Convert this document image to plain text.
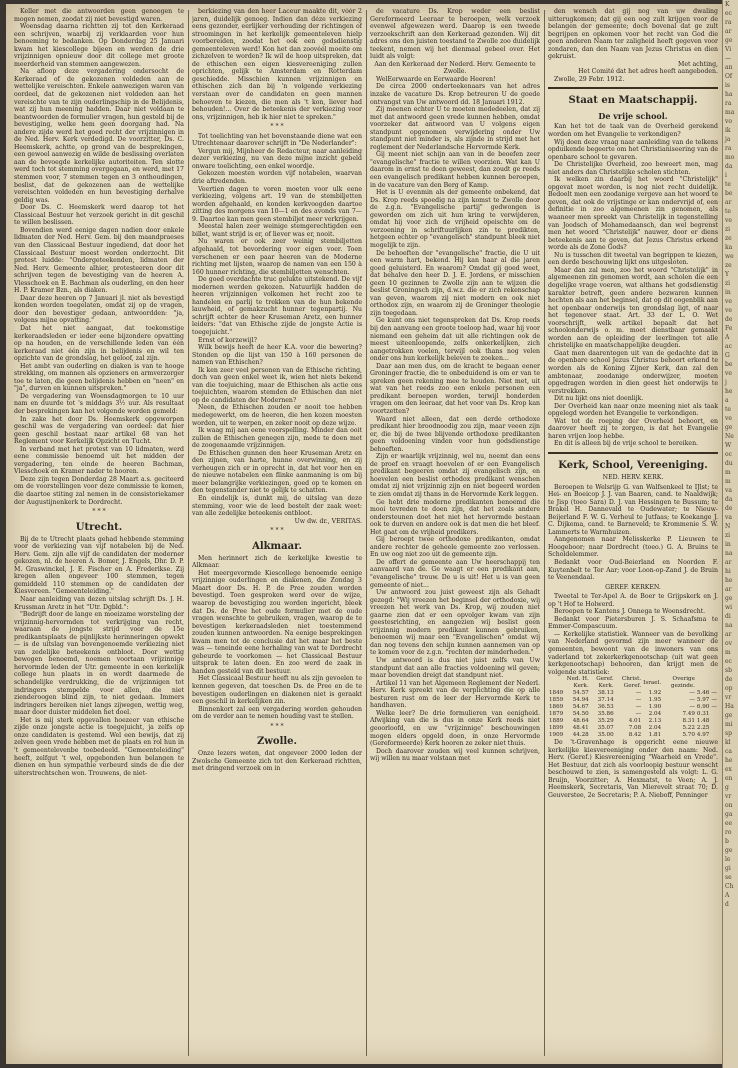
Keller met die antwoorden geen genoegen te mogen nemen, zoodat zij niet bevestigd waren.

Woensdag daarna richtten zij tot den Kerkeraad een schrijven, waarbij zij verklaarden voor hun benoeming te bedanken. Op Donderdag 25 Januari kwam het kiescollege bijeen en werden de drie vrijzinnigen opnieuw door dit college met groote meerderheid van stemmen aangewezen.

Na afloop deze vergadering ondersocht de Kerkeraad of de gekozenen voldeden aan de wettelijke vereischten. Enkele aanwezigen waren van oordeel, dat de gekozenen niet voldeden aan het vereischte van te zijn ouderlingschip in de Belijdenis, wat zij hun meening hadden. Daar niet voldaan te beantwoorden de formulier vragen, hun gesteld bij de bevestiging, welke hem geen doorgang had. Na andere zijde werd het goed recht der vrijzinnigen in de Ned. Herv. Kerk verdedigd. De voorzitter, Ds. C. Heemskerk, achtte, op grond van de besprekingen, een gewoel aanwezig en wilde de beslissing overlaten aan de bevoegde kerkelijke autoriteiten. Ten slotte werd toch tot stemming overgegaan, en werd, met 17 stemmen voor, 7 stemmen tegen en 3 onthoudingen, beslist, dat de gekozenen aan de wettelijke vereischten voldeden en hun bevestiging derhalve geldig was.

Door Ds. C. Heemskerk werd daarop tot het Classicaal Bestuur het verzoek gericht in dit geschil te willen beslissen.

Bovendien werd eenige dagen nadien door enkele lidmaten der Ned. Herv. Gem. bij den maandpraeses van den Classicaal Bestuur ingediend, dat door het Classicaal Bestuur moest worden onderzocht. Dit protest luidde: "Ondergeteekenden, lidmaten der Ned. Herv. Gemeente alhier, protesteeren door dit schrijven tegen de bevestiging van de heeren A. Vlesschoek en E. Bachman als ouderling, en den heer H. P. Kramer Bzn., als diaken.

Daar deze heeren op 7 Januari jl. niet als bevestigd konden worden toegelaten, omdat zij op de vragen, door den bevestiger gedaan, antwoordden: "ja, volgens mijne opvatting."

Dat het niet aangaat, dat toekomstige kerkeraadsleden er ieder eene bijzondere opvatting op na houden, en de verschillende leden van één kerkeraad niet één zijn in belijdenis en wil ten opzichte van de grondslag, het geloof, zal zijn.

Het ambt van ouderling en diaken is van te hooge strekking, om mannen als opzieners en armverzorger toe te laten, die geen belijdenis hebben en "neen" en "ja", durven en kunnen uitspreken."

De vergadering van Woensdagmorgen te 10 uur nam en duurde tot 's middags 3½ uur. Als resultaat der besprekingen kan het volgende worden gemeld:

In zake het door Ds. Heemskerk opgeworpen geschil was de vergadering van oordeel: dat hier geen geschil bestaat naar artikel 68 van het Reglement voor Kerkelijk Opzicht en Tucht.

In verband met het protest van 10 lidmaten, werd eene commissie benoemd uit het midden der vergadering, ten einde de heeren Bachman, Vlesschoek en Kramer nader te hooren.

Deze zijn tegen Donderdag 28 Maart a.s. geciteerd om de voorstellingen voor deze commissie te komen, die daartoe stiting zal nemen in de consistoriekamer der Augustijnenkerk te Dordrecht.

* * *

Utrecht.

Bij de te Utrecht plaats gehad hebbende stemming voor de verkiezing van vijf notabelen bij de Ned. Herv. Gem. zijn alle vijf de candidaten der moderner gekozen, nl. de heeren A. Bomer, J. Engels, Dhr. D. P. M. Graswinckel, J. E. Fischer en A. Frederikse. Zij kregen allen ongeveer 100 stemmen, tegen gemiddeld 110 stemmen op de candidaten der Kiesvereen. "Gemeenteleiding."

Naar aanleiding van dezen uitslag schrijft Ds. J. H. Krussman Aretz in het "Utr. Dgbld.":

"Bedrijft door de lange en moeizame worsteling der vrijzinnig-hervormden tot verkrijging van recht, waaraan de jongste strijd voor de 15e predikantsplaats de pijnlijkste herinneringen opwekt — is de uitslag van bovengenoemde verkiezing niet van zedelijke beteekenis ontbloot. Door wettig bewogen benoemd, noemen voortaan vrijzinnige hervormde leden der Utr. gemeente in een kerkelijk college hun plaats in en wordt daarmede de schandelijke verdrukking, die de vrijzinnigen tot indringers stempelde voor allen, die niet zienderoogen blind zijn, te niet gedaan. Immers indringers bereiken niet langs zijwegen, wettig weg, maar door duister middelen het doel.

Het is mij sterk opgevallen hoezeer van ethische zijde onze jongste actie is toegejuicht, ja zelfs op onze candidaten is gestemd. Wel een bewijs, dat zij zelven geen vrede hebben met de plaats en rol hun in 't gemeentelevenbe toebedeeld. "Gemeenteleiding" heeft, zelfgut 't wel, opgebonden hun belangen te dienen en hun sympathie verbeurd sinds de die der uiterstrechtschen won. Trouwens, de niet-

berkiezing van den heer Laceur maakte dit, vóór 2 jaren, duidelijk genoeg. Indien dan déze verkiezing eens gezonder, eerlijker verhouding der richtingen of stroomingen in het kerkelijk gemeenteleven hielp voorbereiden, zoodat het ook een godsdienstig gemeenteleven werd! Kon het dan zoovéél moeite om zichzelven te worden? Ik wil de hoop uitspreken, dat de ethischen een eigen kiesvereeniging zullen oprichten, gelijk te Amsterdam en Rotterdam geschiedde. Misschien kunnen vrijzinnigen en ethischen zich dan bij 'n volgende verkiezing verstaan over de candidaten en geen mannen behoeven te kiezen, die men als 't kon, liever had behouden!... Over de beteekenis der verkiezing voor ons, vrijzinnigen, heb ik hier niet te spreken."

* * *

Tot toelichting van het bovenstaande diene wat een Utrechtenaar daarover schrijft in "De Nederlander":

Vergun mij, Mijnheer de Redacteur, naar aanleiding dezer verkiezing, nu van deze mijne inzicht gebeld onware toelichting, een enkel woordje.

Gekozen moesten worden vijf notabelen, waarvan drie aftredenden.

Veertien dagen te voren moeten voor ulk eene verkiezing, volgens art. 19 van de stembiljetten worden afgehaald, en konden kerkvoogden daartoe zitting des morgens van 10—1 en des avonds van 7—9. Daartoe kan men geen stembiljet meer verkrijgen.

Meestal halen zeer weinige stemgerechtigden een billet, want strijd is er, of liever was er, nooit.

Nu waren er ook zeer weinig stembiljetten afgehaald, tot bevordering voor eigen voer. Toen verschenen er een paar heeren van de Moderne richting met lijsten, waarop de namen van een 150 à 160 hunner richting, die stembiljetten wenschten.

De goed overdachte truc gelukte uitstekend. De vijf modernen werden gekozen. Natuurlijk hadden de heeren vrijzinnigen volkomen het recht zoo te handelen en parlij te trekken van de hun bekende lauwheid, of gemakzucht hunner tegenpartij. Nu schrijft echter de heer Kruseman Aretz, een hunner leiders: "dat van Ethische zijde de jongste Actie is toegejuicht."

Ernst of korzewijl?

Wilk bewijs heeft de heer K.A. voor die bewering? Stonden op die lijst van 150 à 160 personen de namen van Ethischen?

Ik ken zeer veel personen van de Ethische richting, doch van geen enkel weet ik, wien het niets bekend van die toejuiching, maar de Ethischen als actie ons toejuichten, waarom stemden de Ethischen dan niet op de candidaten der Modernen?

Neen, de Ethischen zouden er nooit toe hebben medegewerkt, om de heeren, die hen kozen moesten worden, uit te werpen, en zeker nooit op deze wijze.

Ik waag mij aan eene voorspelling. Minder dan ooit zullen de Ethischen genegen zijn, mede te doen met de zoogenaamde vrijzinnigen.

De Ethischen gunnen den heer Kruseman Aretz en den zijnen, van harte, hunne overwinning, en zij verheugen zich er in oprecht in, dat het voor hen en de nieuwe notabelen een flinke aanmaning is om bij meer belangrijke verkiezingen, goed op te komen en den tegenstander niet te gelijk te schatten.

En eindelijk is, dunkt mij, de uitslag van deze stemming, voor wie de leed bestelt der zaak weet: van alle zedelijke beteekenis ontbloot.

Uw dw. dr., VERITAS.

* * *

Alkmaar.

Men herinnert zich de kerkelijke kwestie te Alkmaar.

Het meergevormde Kiescollege benoemde eenige vrijzinnige ouderlingen en diakenen, die Zondag 3 Maart door Ds. H. P. de Pree zouden worden bevestigd. Toen gesproken werd over de wijze, waarop de bevestiging zou worden ingericht, bleek dat Ds. de Pree het oude formulier met de oude vragen wenschte te gebruiken, vragen, waarop de te bevestigen kerkeraadsleden niet toestemmend zouden kunnen antwoorden. Na eenige besprekingen kwam men tot de conclusie dat het maar het beste was — teneinde eene herhaling van wat te Dordrecht gebeurde te voorkomen — het Classicaal Bestuur uitsprak te laten doen. En zoo werd de zaak in handen gesteld van dit bestuur.

Het Classicaal Bestuur heeft nu als zijn gevoelen te kennen gegeven, dat toeschen Ds. de Pree en de te bevestigen ouderlingen en diakenen niet is geraakt een geschil in kerkelijken zin.

Binnenkort zal een vergadering worden gehouden om de verder aan te nemen houding vast te stellen.

* * *

Zwolle.

Onze lezers weten, dat ongeveer 2000 leden der Zwolsche Gemeente zich tot den Kerkeraad richtten, met dringend verzoek om in

de vacature Ds. Krop weder een beslist Gereformeerd Leeraar te beroepen, welk verzoek evenwel afgewezen werd. Daarop is een tweede verzoekschrift aan den Kerkeraad gezonden. Wij dit adres ons den juisten toestand te Zwolle zoo duidelijk teekent, nemen wij het dienmaal gebeel over. Het luidt als volgt:

Aan den Kerkeraad der Nederd. Herv. Gemeente te Zwolle.

WelEerwaarde en Eerwaarde Heeren!

De circa 2000 onderteekenaars van het adres inzake de vacature Ds. Krop betreuren U de goede ontvangst van Uw antwoord dd. 18 Januari 1912.

Zij meenen echter U te moeten mededeelen, dat zij met dat antwoord geen vrede kunnen hebben, omdat voorzeker dat antwoord van U volgens eigen standpunt opgenomen verwijdering onder Uw standpunt niet minder is, als zijnde in strijd met het reglement der Nederlandsche Hervormde Kerk.

Gij meent niet schijn aan van in de beoefen zeer "evangelische" fractie te willen voorzien. Wat kan U daarom in ernst te doen geweest, dan zoudt ge reeds een evangelisch predikant hebben kunnen beroepen, in de vacature van den Berg of Kamp.

Het is U evenmin als der gemeente onbekend, dat Ds. Krop reeds spoedig na zijn komst te Zwolle door de z.g.n. "Evangelische partij" gedwongen is geworden om zich uit hun kring te verwijderen, omdat hij voor zich de vrijheid opeischte om de verzoening in schriftuurlijken zin te predikten, hetgeen echter op "evangelisch" standpunt bleek niet mogelijk te zijn.

De behoeften der "evangelische" fractie, die U uit een warm hart, bekend. Hij kan haar al die jaren goed geluisterd. En waarom? Omdat gij goed weet, dat behalve den heer D. J. E. Jordens, er misschien geen 10 gezinnen te Zwolle zijn aan te wijzen die beslist Groningsch zijn, d.w.z. die er zich rekenschap van geven, waarom zij niet modern en ook niet orthodox zijn, en waarom zij de Groninger theologie zijn toegedaan.

Ge kunt ons niet tegenspreken dat Ds. Krop reeds bij den aanvang een groote toeloop had, waar hij voor niemand een geheim dat uit alle richtingen ook de meest uiteenloopende, zelfs onkerkelijken, zich aangetrokken voelen, terwijl ook thans nog velen onder ons hun kerkelijk beleven te zoeken...

Daar aan men dus, om de kracht te begaan eener Groninger fractie, die te onbeduidend is om er van te spreken geen rekening mee te houden. Niet met, uit wat van het reeds zoo een enkele personen een predikant beroepen worden, terwijl honderden vragen om den leeraar, dat het voor van Ds. Krop kan voortzetten?

Waard niet alleen, dat een derde orthodoxe predikant hier broodnoodig zou zijn, maar veeen zijn er, die bij de twee blijvende orthodoxe predikanten geen voldoening vinden voor hun godsdienstige behoeften.

Zijn er waarlijk vrijzinnig, wel nu, neemt dan eens de proef en vraagt hoevelen of er een Evangelisch predikant begeeren omdat zij evangelisch zijn, en hoevelen een beslist orthodox predikant wenschen omdat zij niet vrijzinnig zijn en niet begeerd worden te zien omdat zij thans in de Hervormde Kerk leggen.

Ge hebt drie moderne predikanten benoemd die mooi tevreden te doen zijn, dat het zoals andere ondersteunen doet het niet het hervormde bestaan ook te durven en andere ook is dat men die het bleef. Het gaat om de vrijheid predikers.

Gij beroept twee orthodoxe predikanten, omdat andere rechter de geheele gemeente zoo verlossen. En uw oog niet zoo uit de gemeente zijn.

De offert de gemeente aan Uw heerschappij ten aanvaard van de. Ge waagt er een predikant aan, "evangelische" trouw. De u is uit! Het u is van geen gemeente of niet...

Uw antwoord zou juist geweest zijn als Gehadt gezegd: "Wij vreezen het beginsel der orthodoxie, wij vreezen het werk van Ds. Krop, wij zouden niet gaarne zien dat er een opvolger kwam van zijn geestesrichting, en aangezien wij beslist geen vrijzinnig modern predikant kunnen gebruiken, benoemen wij maar een "Evangelischen" omdat wij dan nog tevens den schijn kunnen aannemen van op te komen voor de z.g.n. "rechten der minderheden."

Uw antwoord is dus niet juist zelfs van Uw standpunt dat aan alle fracties voldoening wil geven; maar bovendien dreigt dat standpunt niet.

Artikel 11 van het Algemeen Reglement der Nederl. Herv. Kerk spreekt van de verplichting die op alle besturen rust om de leer der Hervormde Kerk te handhaven.

Welke leer? De drie formulieren van eenigheid. Afwijking van die is dus in onze Kerk reeds niet geoorloofd, en uw "vrijzinnige" beschouwingen mogen elders opgeld doen, in onze Hervormde (Gereformeerde) Kerk hooren ze zeker niet thuis.

Doch daarover zouden wij veel kunnen schrijven, wij willen nu maar volstaan met

den wensch dat gij nog van uw dwaling uitterugkomen; dat gij een oog zult krijgen voor de belangen der gemeente; doch bovenal dat ge zult begrijpen en opkomen voor het recht van God die geen anderen Naam ter zaligheid heeft gegeven voor zondaren, dan den Naam van Jezus Christus en dien gekruist.

Met achting,

Het Comité dat het adres heeft aangeboden.

Zwolle, 29 Febr. 1912.

Staat en Maatschappij.

De vrije school.

Kan het tot de taak van de Overheid gerekend worden om het Evangelie te verkondigen?

Wij doen deze vraag naar aanleiding van de telkens opduikende begeerte om het Christianiseering van de openbare school te gevaren.

De Christelijke Overheid, zoo beweert men, mag niet anders dan Christelijke scholen stichten.

Ik welken zin daarbij het woord "Christelijk" opgevat moet worden, is nog niet recht duidelijk. Bedoelt men een zoodanige vergeve aan het woord te geven, dat ook de vrijstinge er kan ondervrijd of, een definitie in zoo algemeenen zin genomen, als waaneer men spreekt van Christelijk in tegenstelling van Joodsch of Mohamedaansch, dan wel begrenst men het woord "Christelijk" nauwer, door er diens beteekenis aan te geven, dat Jezus Christus erkend worde als de Zone Gods?

Nu is tusschen dit tweetal van begrippen te kiezen, een derde beschouwing lijkt ons uitgesloten.

Maar dan zal men, zoo het woord "Christelijk" in algemeenen zin genomen wordt, aan scholen die een degelijke vrage voeren, wat althans het godsdienstig karakter betreft, geen andere bezwaren kunnen hechten als aan het beginsel, dat op dit oogenblik aan het openbaar onderwijs ten grondslag ligt, of naar het tegenover staat. Art. 33 der L. O. Wet voorschrijft, welk artikel bepaalt dat het schoolonderwijs o. m. moet dienstbaar gemaakt worden aan de opleiding der leerlingen tot alle christelijke en maatschappelijke deugden.

Gaat men daarentegen uit van de gedachte dat in de openbare school Jezus Christus behoort erkend te worden als de Koning Zijner Kerk, dan zal den ambtenaar, zoodanige onderwijzer, moeten opgedragen worden in dien geest het onderwijs te verstrekken.

Dit nu lijkt ons niet doenlijk.

Der Overheid kan naar onze meening niet als taak opgelegd worden het Evangelie te verkondigen.

Wat tot de roeping der Overheid behoort, en daarover heeft zij te zorgen, is dat het Evangelie haren vrijen loop hebbe.

En dit is alleen bij de vrije school te bereiken.

Kerk, School, Vereeniging.

NED. HERV. KERK.

Beroepen te Welsrijp G. van Walfsenkeel te IJlst; te Hei- en Boeicop J. J. van Baaren, cand. te Naaldwijk; te Jisp (toeo Sara) D. J. van Hessingen te Bussum; te Brakel H. Dannevald te Oudewater; te Nieuw-Beijerland F. W. G. Verheul te Jutfaas; te Koekange J. C. Dijkema, cand. te Barneveld; te Krommenie S. W. Lammerts te Warmhuizen.

Aangenomen naar Melisskerke P. Lieuwen te Hoogeboor; naar Dordrecht (toeo.) G. A. Bruins te Scholdelemmer.

Bedankt voor Oud-Beierland en Noorden F. Kuytenbelt te Ter Aar; voor Loon-op-Zand J. de Bruin te Veenendaal.

GEREF. KERKEN.

Tweetal te Ter-Apel A. de Boer te Grijpskerk en J. op 't Hof te Holwerd.

Beroepen te Kantens J. Onnega te Woensdrecht.

Bedankt voor Pietersburen J. S. Schaafsma te Emmer-Compascuum.

— Kerkelijke statistiek. Wanneer van de bevolking van Nederland gevormd zijn meer wanneer de gemeenten, bewoont van de inwoners van ons vaderland tot zekerkerkgenootschap (uit wat geen kerkgenootschap) behooren, dan krijgt men de volgende statistiek:

	Ned. H. Kerk.	Geref. Kerk.	Christ. Geref.	Israel.	Overige gezinde.		
1849	54.57	38.13	—	1.92	—	5.46	—
1859	54.94	37.14	—	1.95	—	5.97	—
1869	54.67	36.53	—	1.90	—	6.90	—
1879	54.50	35.86	—	2.04	7.49	0.31	
1889	48.64	35.29	4.01	2.13	8.31	1.48	
1899	48.41	35.07	7.08	2.04	5.22	2.25	
1909	44.28	35.00	8.42	1.81	5.70	4.97	

De 't-Gravenhage is opgericht eene nieuwe kerkelijke kiesvereeniging onder den naam: Ned. Herv. (Geref.) Kiesvereeniging "Waarheid en Vrede". Het Bestuur, dat zich als voorloopig bestuur wenscht beschouwd te zien, is samengesteld als volgt: L. G. Bruijn, Voorzitter; A. Hexmatst, te Veen; A. J. Heemskerk, Secretaris, Van Mierevelt straat 70; D. Geuverstee, 2e Secretaris; P. A. Nieboff, Penninger

K
ec
ra
ar
ge
Vi
—
an
Of
is
ha
ra
ma
vo
ik
ja
ra
mo
da
i
te
be
ar
te
ve
zi
ze
ka
we
ze
Y
zi
in
ve
ve
de
Fe
A
ac
G
be
ve
j
he
a
te
ve
ge
Ne
W
oc
du
m
m
va
da
de
va
N
zi
in
na
ar
hi
he
ar
ge
wi
di
na
ar
ov
m
ec
sb
de
op
vr
Ha
ge
mi
sp
kl
ca
he
ex
en
g
vr
on
ga
ee
ro
b
ge
le
gi
se
Ch
A
d
